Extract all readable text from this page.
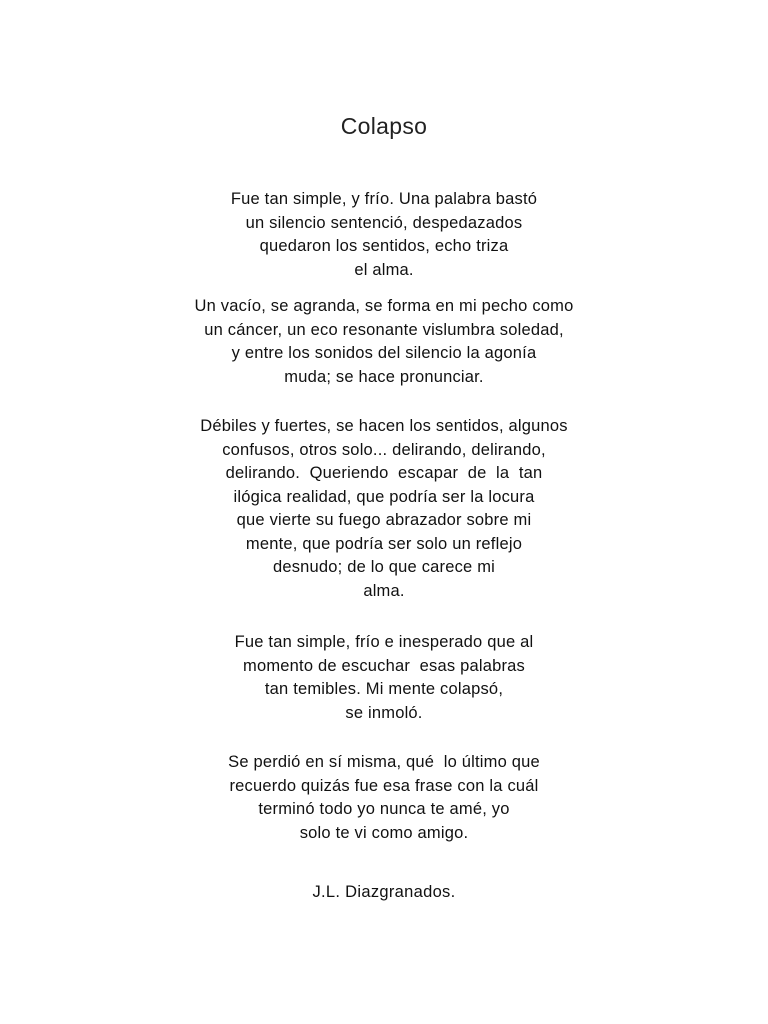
Colapso
Fue tan simple, y frío. Una palabra bastó
un silencio sentenció, despedazados
quedaron los sentidos, echo triza
el alma.
Un vacío, se agranda, se forma en mi pecho como
un cáncer, un eco resonante vislumbra soledad,
y entre los sonidos del silencio la agonía
muda; se hace pronunciar.
Débiles y fuertes, se hacen los sentidos, algunos
confusos, otros solo... delirando, delirando,
delirando.  Queriendo  escapar  de  la  tan
ilógica realidad, que podría ser la locura
que vierte su fuego abrazador sobre mi
mente, que podría ser solo un reflejo
desnudo; de lo que carece mi
alma.
Fue tan simple, frío e inesperado que al
momento de escuchar  esas palabras
tan temibles. Mi mente colapsó,
se inmoló.
Se perdió en sí misma, qué  lo último que
recuerdo quizás fue esa frase con la cuál
terminó todo yo nunca te amé, yo
solo te vi como amigo.
J.L. Diazgranados.
